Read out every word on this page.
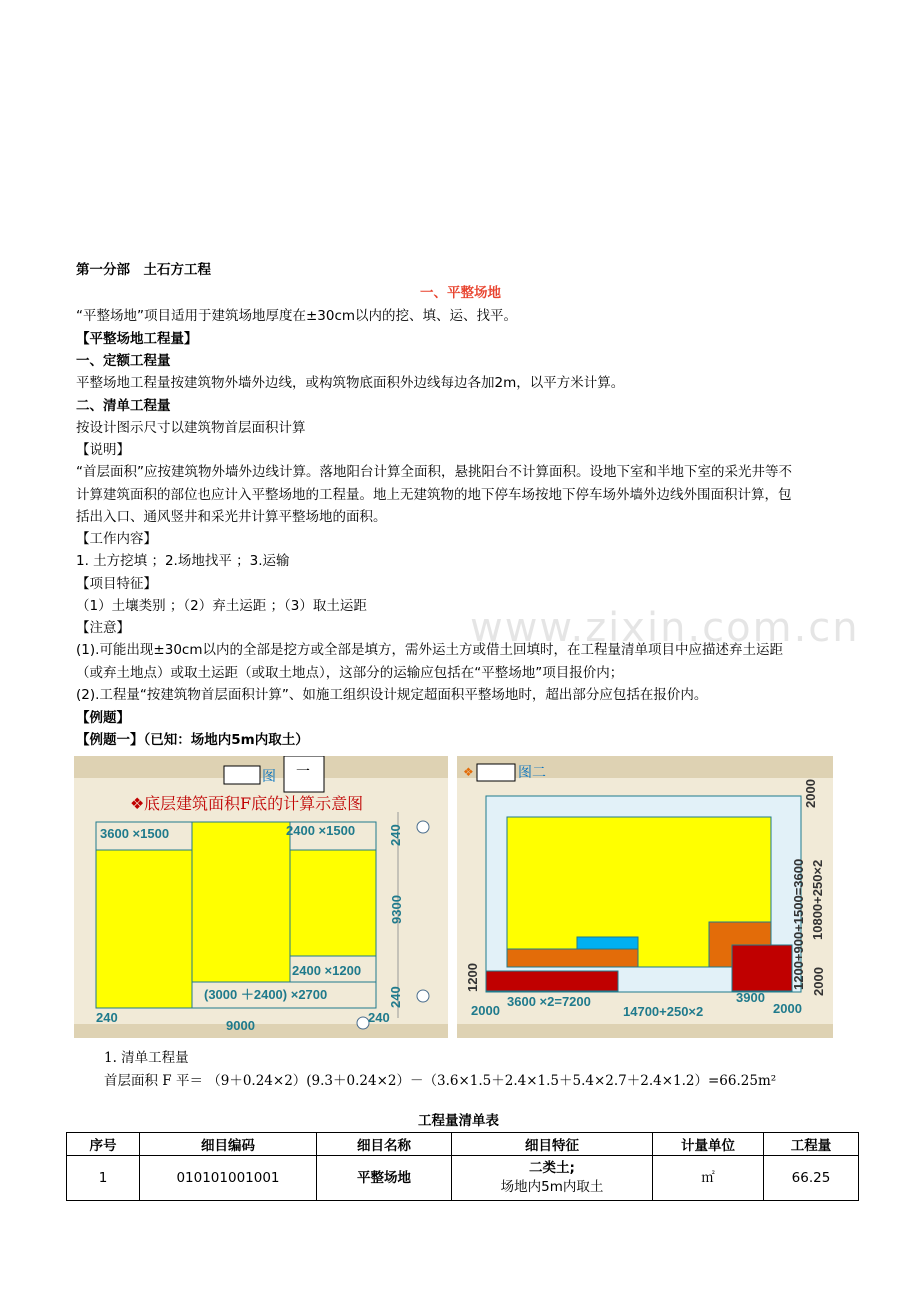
第一分部　土石方工程
一、平整场地
“平整场地”项目适用于建筑场地厚度在±30cm以内的挖、填、运、找平。
【平整场地工程量】
一、定额工程量
平整场地工程量按建筑物外墙外边线，或构筑物底面积外边线每边各加2m，以平方米计算。
二、清单工程量
按设计图示尺寸以建筑物首层面积计算
【说明】
“首层面积”应按建筑物外墙外边线计算。落地阳台计算全面积，悬挑阳台不计算面积。设地下室和半地下室的采光井等不
计算建筑面积的部位也应计入平整场地的工程量。地上无建筑物的地下停车场按地下停车场外墙外边线外围面积计算，包
括出入口、通风竖井和采光井计算平整场地的面积。
【工作内容】
1. 土方挖填 ；2.场地找平 ；3.运输
【项目特征】
（1）土壤类别 ；（2）弃土运距 ；（3）取土运距
【注意】
(1).可能出现±30cm以内的全部是挖方或全部是填方，需外运土方或借土回填时，在工程量清单项目中应描述弃土运距
（或弃土地点）或取土运距（或取土地点），这部分的运输应包括在“平整场地”项目报价内；
(2).工程量“按建筑物首层面积计算”、如施工组织设计规定超面积平整场地时，超出部分应包括在报价内。
【例题】
【例题一】（已知：场地内5m内取土）
www.zixin.com.cn
图 一
❖ 底层建筑面积F底的计算示意图
3600 ×1500	2400 ×1500
2400 ×1200
(3000 ＋2400) ×2700
240
9300
240
240
9000
240
❖	图二
2000
1200+900+1500=3600 10800+250×2
2000
1200
3600 ×2=7200	3900
2000	14700+250×2	2000
1. 清单工程量
首层面积 F 平＝ （9＋0.24×2）(9.3＋0.24×2）－（3.6×1.5＋2.4×1.5＋5.4×2.7＋2.4×1.2）=66.25m²
工程量清单表
序号	细目编码	细目名称	细目特征	计量单位	工程量
1	010101001001	平整场地	二类土;
场地内5m内取土	㎡	66.25
